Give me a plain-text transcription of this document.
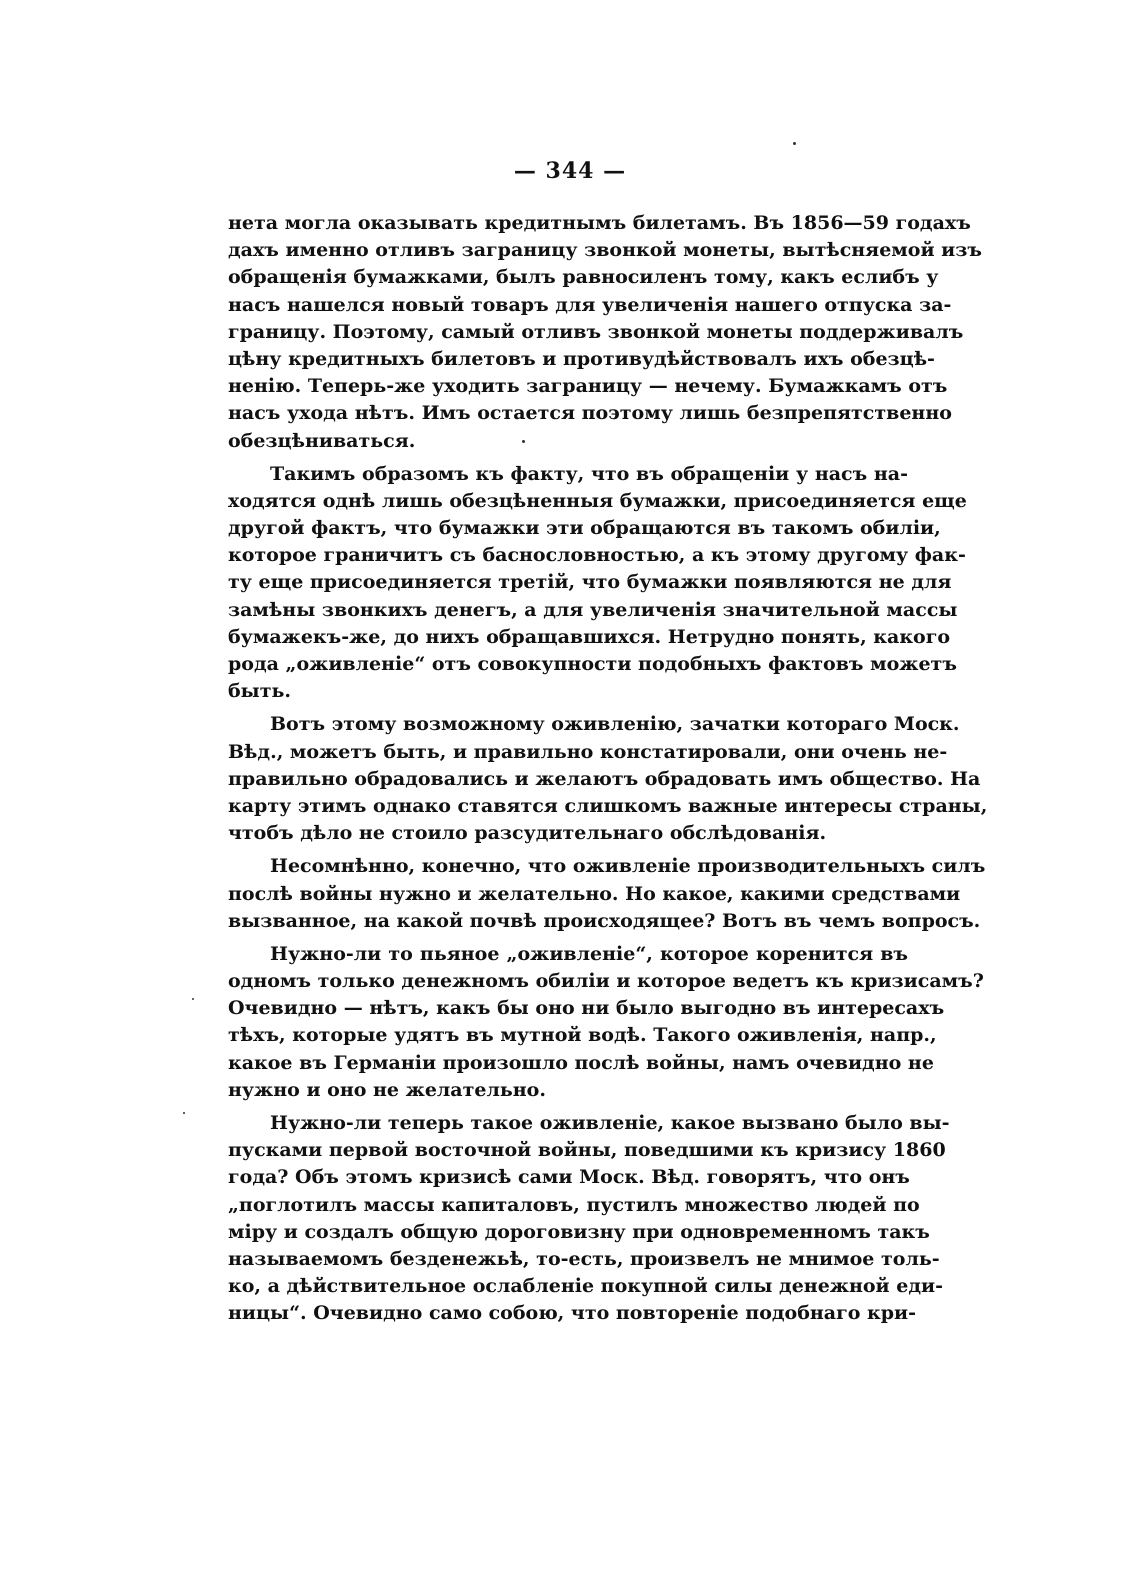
— 344 —
нета могла оказывать кредитнымъ билетамъ. Въ 1856—59 годахъ
дахъ именно отливъ заграницу звонкой монеты, вытѣсняемой изъ
обращенія бумажками, былъ равносиленъ тому, какъ еслибъ у
насъ нашелся новый товаръ для увеличенія нашего отпуска за-
границу. Поэтому, самый отливъ звонкой монеты поддерживалъ
цѣну кредитныхъ билетовъ и противудѣйствовалъ ихъ обезцѣ-
ненію. Теперь-же уходить заграницу — нечему. Бумажкамъ отъ
насъ ухода нѣтъ. Имъ остается поэтому лишь безпрепятственно
обезцѣниваться.
Такимъ образомъ къ факту, что въ обращеніи у насъ на-
ходятся однѣ лишь обезцѣненныя бумажки, присоединяется еще
другой фактъ, что бумажки эти обращаются въ такомъ обиліи,
которое граничитъ съ баснословностью, а къ этому другому фак-
ту еще присоединяется третій, что бумажки появляются не для
замѣны звонкихъ денегъ, а для увеличенія значительной массы
бумажекъ-же, до нихъ обращавшихся. Нетрудно понять, какого
рода „оживленіе“ отъ совокупности подобныхъ фактовъ можетъ
быть.
Вотъ этому возможному оживленію, зачатки котораго Моск.
Вѣд., можетъ быть, и правильно констатировали, они очень не-
правильно обрадовались и желаютъ обрадовать имъ общество. На
карту этимъ однако ставятся слишкомъ важные интересы страны,
чтобъ дѣло не стоило разсудительнаго обслѣдованія.
Несомнѣнно, конечно, что оживленіе производительныхъ силъ
послѣ войны нужно и желательно. Но какое, какими средствами
вызванное, на какой почвѣ происходящее? Вотъ въ чемъ вопросъ.
Нужно-ли то пьяное „оживленіе“, которое коренится въ
одномъ только денежномъ обиліи и которое ведетъ къ кризисамъ?
Очевидно — нѣтъ, какъ бы оно ни было выгодно въ интересахъ
тѣхъ, которые удятъ въ мутной водѣ. Такого оживленія, напр.,
какое въ Германіи произошло послѣ войны, намъ очевидно не
нужно и оно не желательно.
Нужно-ли теперь такое оживленіе, какое вызвано было вы-
пусками первой восточной войны, поведшими къ кризису 1860
года? Объ этомъ кризисѣ сами Моск. Вѣд. говорятъ, что онъ
„поглотилъ массы капиталовъ, пустилъ множество людей по
міру и создалъ общую дороговизну при одновременномъ такъ
называемомъ безденежьѣ, то-есть, произвелъ не мнимое толь-
ко, а дѣйствительное ослабленіе покупной силы денежной еди-
ницы“. Очевидно само собою, что повтореніе подобнаго кри-
